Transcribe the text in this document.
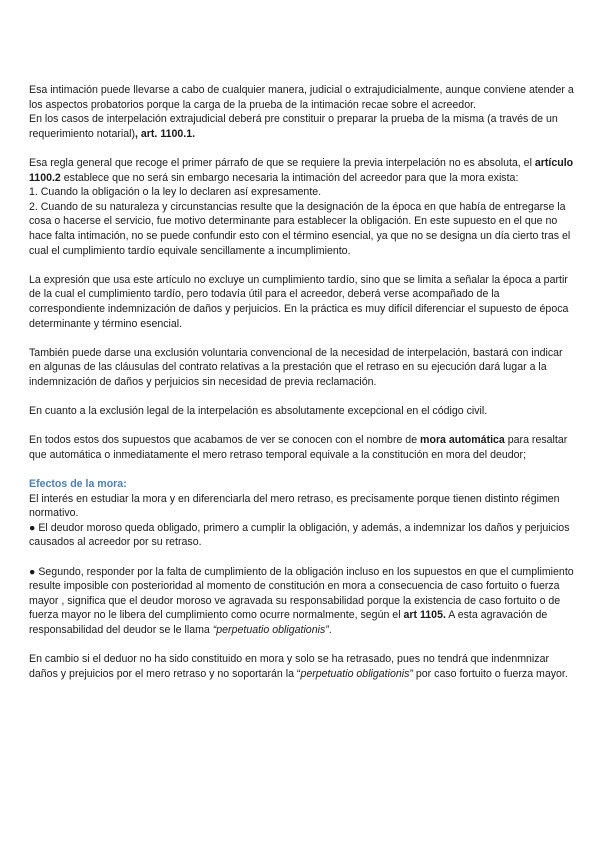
Esa intimación puede llevarse a cabo de cualquier manera, judicial o extrajudicialmente, aunque conviene atender a los aspectos probatorios porque la carga de la prueba de la intimación recae sobre el acreedor.
En los casos de interpelación extrajudicial deberá pre constituir o preparar la prueba de la misma (a través de un requerimiento notarial), art. 1100.1.

Esa regla general que recoge el primer párrafo de que se requiere la previa interpelación no es absoluta, el artículo 1100.2 establece que no será sin embargo necesaria la intimación del acreedor para que la mora exista:
1. Cuando la obligación o la ley lo declaren así expresamente.
2. Cuando de su naturaleza y circunstancias resulte que la designación de la época en que había de entregarse la cosa o hacerse el servicio, fue motivo determinante para establecer la obligación. En este supuesto en el que no hace falta intimación, no se puede confundir esto con el término esencial, ya que no se designa un día cierto tras el cual el cumplimiento tardío equivale sencillamente a incumplimiento.

La expresión que usa este artículo no excluye un cumplimiento tardío, sino que se limita a señalar la época a partir de la cual el cumplimiento tardío, pero todavía útil para el acreedor, deberá verse acompañado de la correspondiente indemnización de daños y perjuicios. En la práctica es muy difícil diferenciar el supuesto de época determinante y término esencial.

También puede darse una exclusión voluntaria convencional de la necesidad de interpelación, bastará con indicar en algunas de las cláusulas del contrato relativas a la prestación que el retraso en su ejecución dará lugar a la indemnización de daños y perjuicios sin necesidad de previa reclamación.

En cuanto a la exclusión legal de la interpelación es absolutamente excepcional en el código civil.

En todos estos dos supuestos que acabamos de ver se conocen con el nombre de mora automática para resaltar que automática o inmediatamente el mero retraso temporal equivale a la constitución en mora del deudor;

Efectos de la mora:
El interés en estudiar la mora y en diferenciarla del mero retraso, es precisamente porque tienen distinto régimen normativo.
● El deudor moroso queda obligado, primero a cumplir la obligación, y además, a indemnizar los daños y perjuicios causados al acreedor por su retraso.

● Segundo, responder por la falta de cumplimiento de la obligación incluso en los supuestos en que el cumplimiento resulte imposible con posterioridad al momento de constitución en mora a consecuencia de caso fortuito o fuerza mayor , significa que el deudor moroso ve agravada su responsabilidad porque la existencia de caso fortuito o de fuerza mayor no le libera del cumplimiento como ocurre normalmente, según el art 1105. A esta agravación de responsabilidad del deudor se le llama “perpetuatio obligationis”.

En cambio si el deduor no ha sido constituido en mora y solo se ha retrasado, pues no tendrá que indenmnizar daños y prejuicios por el mero retraso y no soportarán la “perpetuatio obligationis” por caso fortuito o fuerza mayor.
